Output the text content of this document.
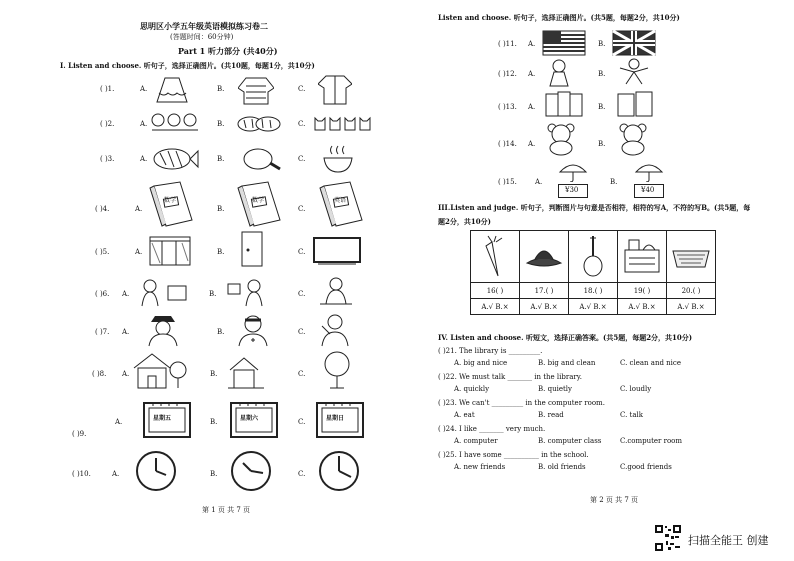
思明区小学五年级英语模拟练习卷二
(答题时间：60分钟)
Part 1 听力部分 (共40分)
I. Listen and choose. 听句子，选择正确图片。(共10题，每题1分，共10分)
( )1.	A.	B.	C.
( )2.	A.	B.	C.
( )3.	A.	B.	C.
( )4.	A.
数学
B.
数学
C.
英语
( )5.	A.	B.	C.
( )6. A.	B.	C.
( )7. A.	B.	C.
( )8. A.	B.	C.
A.
( )9.
星期五	B.	星期六	C.	星期日
( )10.	A.	B.	C.
第 1 页 共 7 页
Listen and choose. 听句子，选择正确图片。(共5题，每题2分，共10分)
( )11. A.	B.
( )12. A.	B.
( )13. A.	B.
( )14. A.	B.
( )15.	A.
¥30
B.
¥40
III.Listen and judge. 听句子，判断图片与句意是否相符，相符的写A，不符的写B。(共5题，每
题2分，共10分)

16( )	17.( )	18.( )	19( )	20.( )
A.√ B.×	A.√ B.×	A.√ B.×	A.√ B.×	A.√ B.×
IV. Listen and choose. 听短文，选择正确答案。(共5题，每题2分，共10分)
( )21. The library is _________.
A. big and nice	B. big and clean	C. clean and nice
( )22. We must talk _______ in the library.
A. quickly	B. quietly	C. loudly
( )23. We can't _________ in the computer room.
A. eat	B. read	C. talk
( )24. I like _______ very much.
A. computer	B. computer class	C.computer room
( )25. I have some __________ in the school.
A. new friends	B. old friends	C.good friends
第 2 页 共 7 页
扫描全能王 创建
